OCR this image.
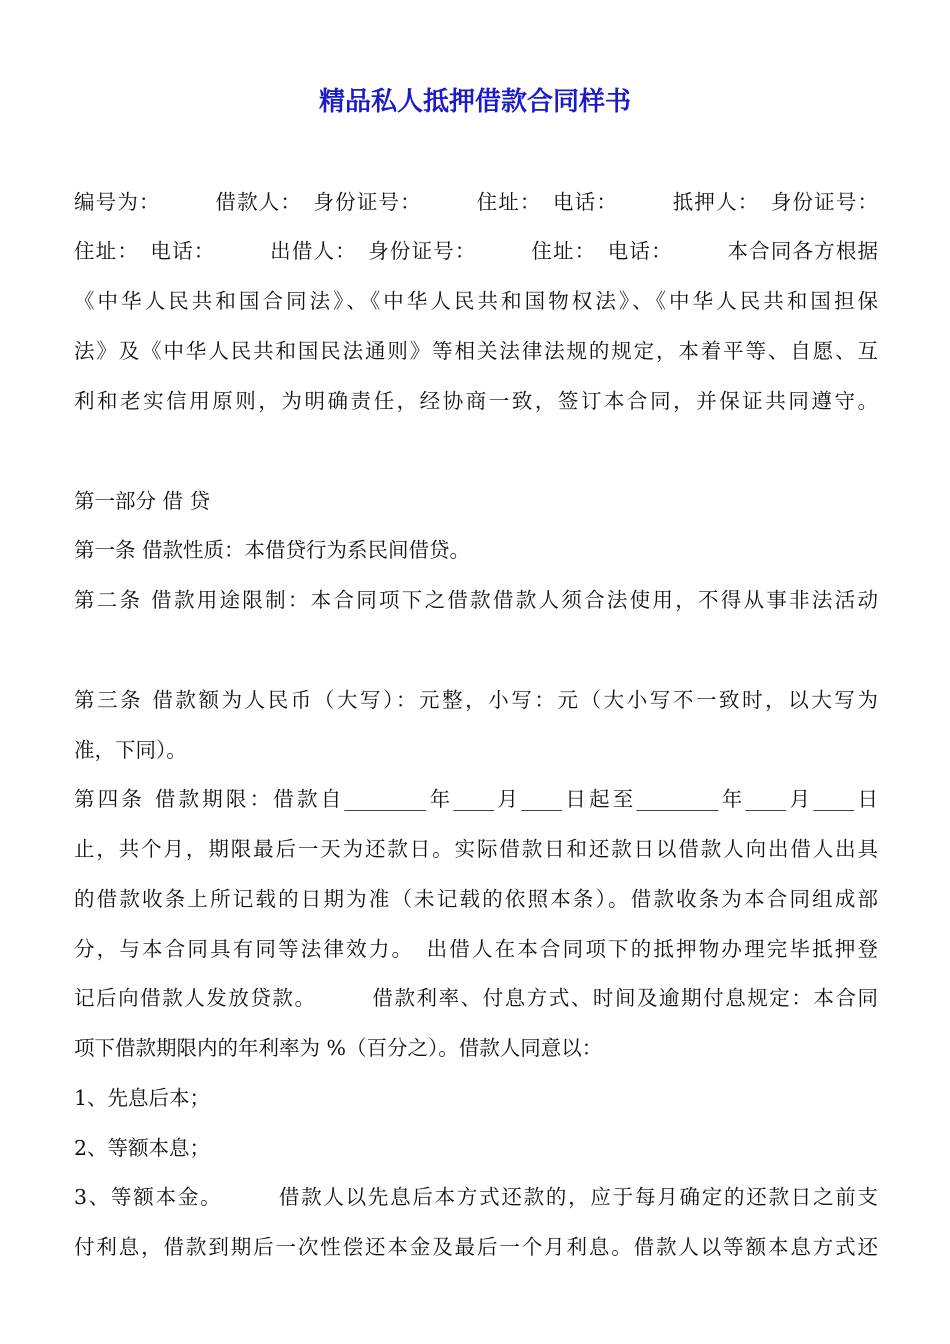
精品私人抵押借款合同样书
编号为：　　　借款人：　身份证号：　　　住址：　电话：　　　抵押人：　身份证号：
住址：　电话：　　　出借人：　身份证号：　　　住址：　电话：　　　本合同各方根据
《中华人民共和国合同法》、《中华人民共和国物权法》、《中华人民共和国担保
法》及《中华人民共和国民法通则》等相关法律法规的规定，本着平等、自愿、互
利和老实信用原则，为明确责任，经协商一致，签订本合同，并保证共同遵守。
第一部分 借 贷
第一条 借款性质：本借贷行为系民间借贷。
第二条 借款用途限制：本合同项下之借款借款人须合法使用，不得从事非法活动
第三条 借款额为人民币（大写）：元整，小写：元（大小写不一致时，以大写为
准，下同）。
第四条 借款期限：借款自________年____月____日起至________年____月____日
止，共个月，期限最后一天为还款日。实际借款日和还款日以借款人向出借人出具
的借款收条上所记载的日期为准（未记载的依照本条）。借款收条为本合同组成部
分，与本合同具有同等法律效力。　出借人在本合同项下的抵押物办理完毕抵押登
记后向借款人发放贷款。　　　借款利率、付息方式、时间及逾期付息规定：本合同
项下借款期限内的年利率为 %（百分之）。借款人同意以：
1、先息后本；
2、等额本息；
3、等额本金。　　　借款人以先息后本方式还款的，应于每月确定的还款日之前支
付利息，借款到期后一次性偿还本金及最后一个月利息。借款人以等额本息方式还
